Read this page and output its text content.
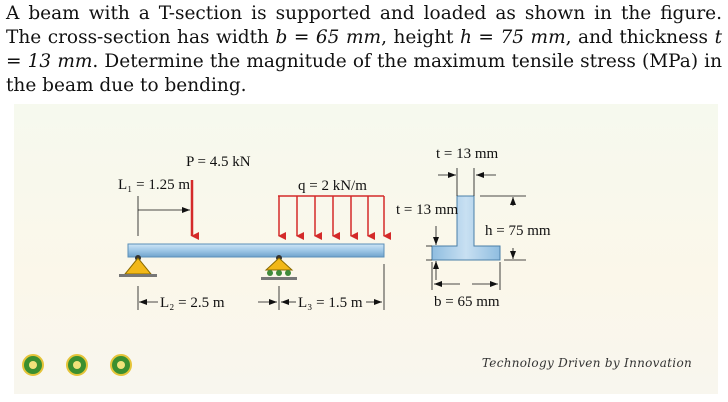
A beam with a T-section is supported and loaded as shown in the figure. The cross-section has width b = 65 mm, height h = 75 mm, and thickness t = 13 mm. Determine the magnitude of the maximum tensile stress (MPa) in the beam due to bending.
P = 4.5 kN
L₁ = 1.25 m	q = 2 kN/m
L₂ = 2.5 m	L₃ = 1.5 m
t = 13 mm
t = 13 mm
h = 75 mm
b = 65 mm
Technology Driven by Innovation
